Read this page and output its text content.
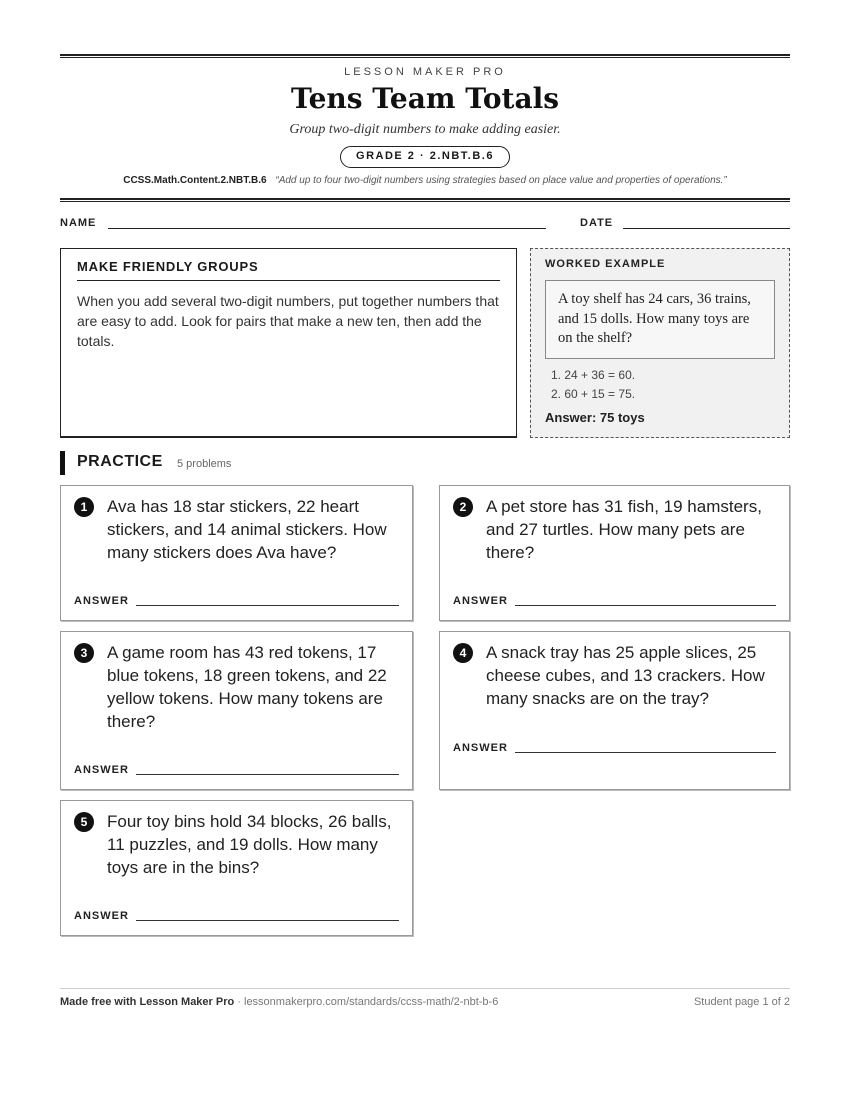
LESSON MAKER PRO
Tens Team Totals
Group two-digit numbers to make adding easier.
GRADE 2 · 2.NBT.B.6
CCSS.Math.Content.2.NBT.B.6 “Add up to four two-digit numbers using strategies based on place value and properties of operations.”
NAME	DATE
MAKE FRIENDLY GROUPS
When you add several two-digit numbers, put together numbers that are easy to add. Look for pairs that make a new ten, then add the totals.
WORKED EXAMPLE
A toy shelf has 24 cars, 36 trains, and 15 dolls. How many toys are on the shelf?
1. 24 + 36 = 60.
2. 60 + 15 = 75.
Answer: 75 toys
PRACTICE 5 problems
1	Ava has 18 star stickers, 22 heart stickers, and 14 animal stickers. How many stickers does Ava have?
ANSWER
2	A pet store has 31 fish, 19 hamsters, and 27 turtles. How many pets are there?
ANSWER
3	A game room has 43 red tokens, 17 blue tokens, 18 green tokens, and 22 yellow tokens. How many tokens are there?
ANSWER
4	A snack tray has 25 apple slices, 25 cheese cubes, and 13 crackers. How many snacks are on the tray?
ANSWER
5	Four toy bins hold 34 blocks, 26 balls, 11 puzzles, and 19 dolls. How many toys are in the bins?
ANSWER
Made free with Lesson Maker Pro · lessonmakerpro.com/standards/ccss-math/2-nbt-b-6	Student page 1 of 2
